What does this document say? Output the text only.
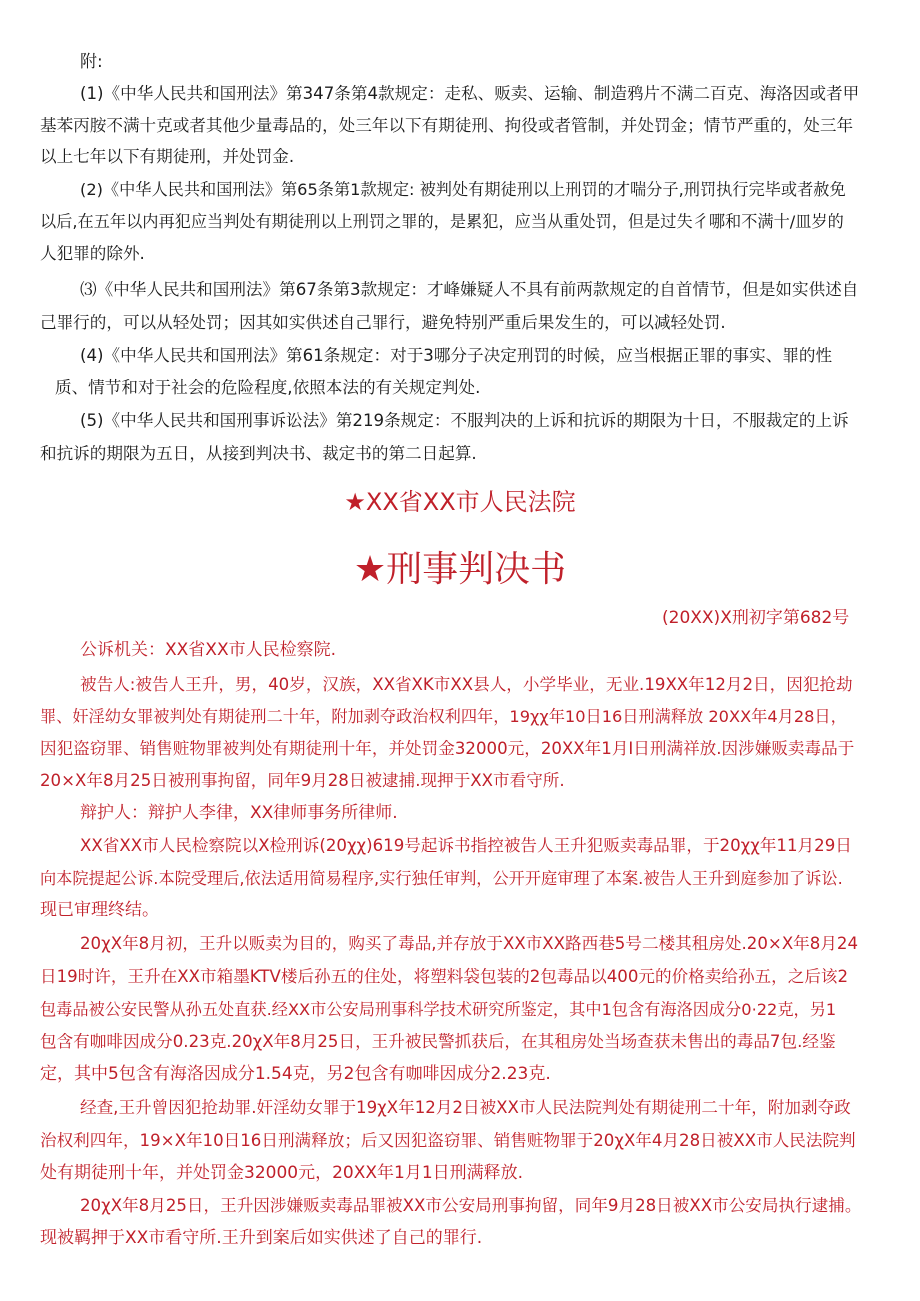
附:
(1)《中华人民共和国刑法》第347条第4款规定：走私、贩卖、运输、制造鸦片不满二百克、海洛因或者甲
基苯丙胺不满十克或者其他少量毒品的，处三年以下有期徒刑、拘役或者管制，并处罚金；情节严重的，处三年
以上七年以下有期徒刑，并处罚金.
(2)《中华人民共和国刑法》第65条第1款规定: 被判处有期徒刑以上刑罚的才喘分子,刑罚执行完毕或者赦免
以后,在五年以内再犯应当判处有期徒刑以上刑罚之罪的，是累犯，应当从重处罚，但是过失彳哪和不满十/皿岁的
人犯罪的除外.
⑶《中华人民共和国刑法》第67条第3款规定：才峰嫌疑人不具有前两款规定的自首情节，但是如实供述自
己罪行的，可以从轻处罚；因其如实供述自己罪行，避免特别严重后果发生的，可以减轻处罚.
(4)《中华人民共和国刑法》第61条规定：对于3哪分子决定刑罚的时候，应当根据正罪的事实、罪的性
质、情节和对于社会的危险程度,依照本法的有关规定判处.
(5)《中华人民共和国刑事诉讼法》第219条规定：不服判决的上诉和抗诉的期限为十日，不服裁定的上诉
和抗诉的期限为五日，从接到判决书、裁定书的第二日起算.
★XX省XX市人民法院
★刑事判决书
(20XX)X刑初字第682号
公诉机关：XX省XX市人民检察院.
被告人:被告人王升，男，40岁，汉族，XX省XK市XX县人，小学毕业，无业.19XX年12月2日，因犯抢劫
罪、奸淫幼女罪被判处有期徒刑二十年，附加剥夺政治权利四年，19χχ年10日16日刑满释放 20XX年4月28日，
因犯盗窃罪、销售赃物罪被判处有期徒刑十年，并处罚金32000元，20XX年1月I日刑满祥放.因涉嫌贩卖毒品于
20×X年8月25日被刑事拘留，同年9月28日被逮捕.现押于XX市看守所.
辩护人：辩护人李律，XX律师事务所律师.
XX省XX市人民检察院以X检刑诉(20χχ)619号起诉书指控被告人王升犯贩卖毒品罪，于20χχ年11月29日
向本院提起公诉.本院受理后,依法适用简易程序,实行独任审判，公开开庭审理了本案.被告人王升到庭参加了诉讼.
现已审理终结。
20χX年8月初，王升以贩卖为目的，购买了毒品,并存放于XX市XX路西巷5号二楼其租房处.20×X年8月24
日19时许，王升在XX市箱墨KTV楼后孙五的住处，将塑料袋包装的2包毒品以400元的价格卖给孙五，之后该2
包毒品被公安民警从孙五处直获.经XX市公安局刑事科学技术研究所鉴定，其中1包含有海洛因成分0·22克，另1
包含有咖啡因成分0.23克.20χX年8月25日，王升被民警抓获后，在其租房处当场查获未售出的毒品7包.经鉴
定，其中5包含有海洛因成分1.54克，另2包含有咖啡因成分2.23克.
经查,王升曾因犯抢劫罪.奸淫幼女罪于19χX年12月2日被XX市人民法院判处有期徒刑二十年，附加剥夺政
治权利四年，19×X年10日16日刑满释放；后又因犯盗窃罪、销售赃物罪于20χX年4月28日被XX市人民法院判
处有期徒刑十年，并处罚金32000元，20XX年1月1日刑满释放.
20χX年8月25日，王升因涉嫌贩卖毒品罪被XX市公安局刑事拘留，同年9月28日被XX市公安局执行逮捕。
现被羁押于XX市看守所.王升到案后如实供述了自己的罪行.
